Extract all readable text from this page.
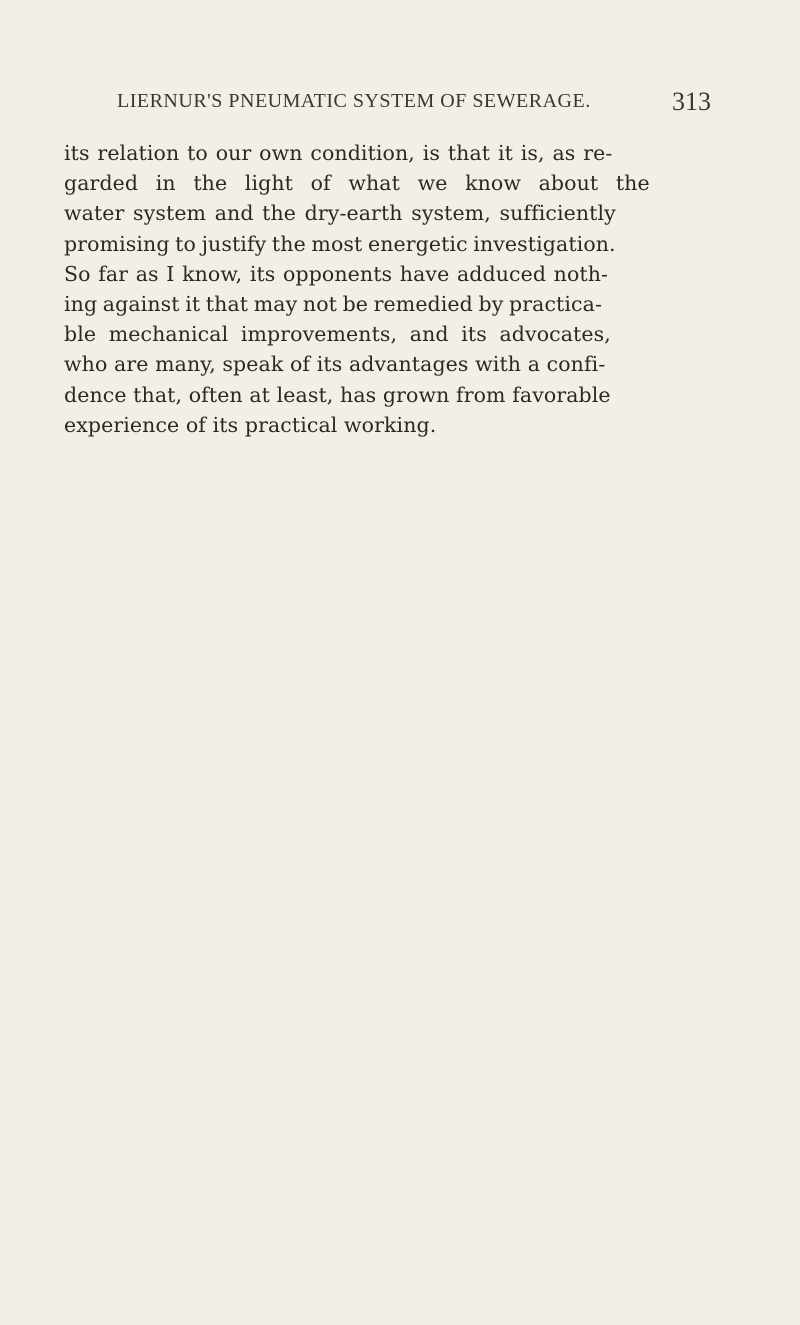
LIERNUR'S PNEUMATIC SYSTEM OF SEWERAGE.	313
its relation to our own condition, is that it is, as re-
garded in the light of what we know about the
water system and the dry-earth system, sufficiently
promising to justify the most energetic investigation.
So far as I know, its opponents have adduced noth-
ing against it that may not be remedied by practica-
ble mechanical improvements, and its advocates,
who are many, speak of its advantages with a confi-
dence that, often at least, has grown from favorable
experience of its practical working.
